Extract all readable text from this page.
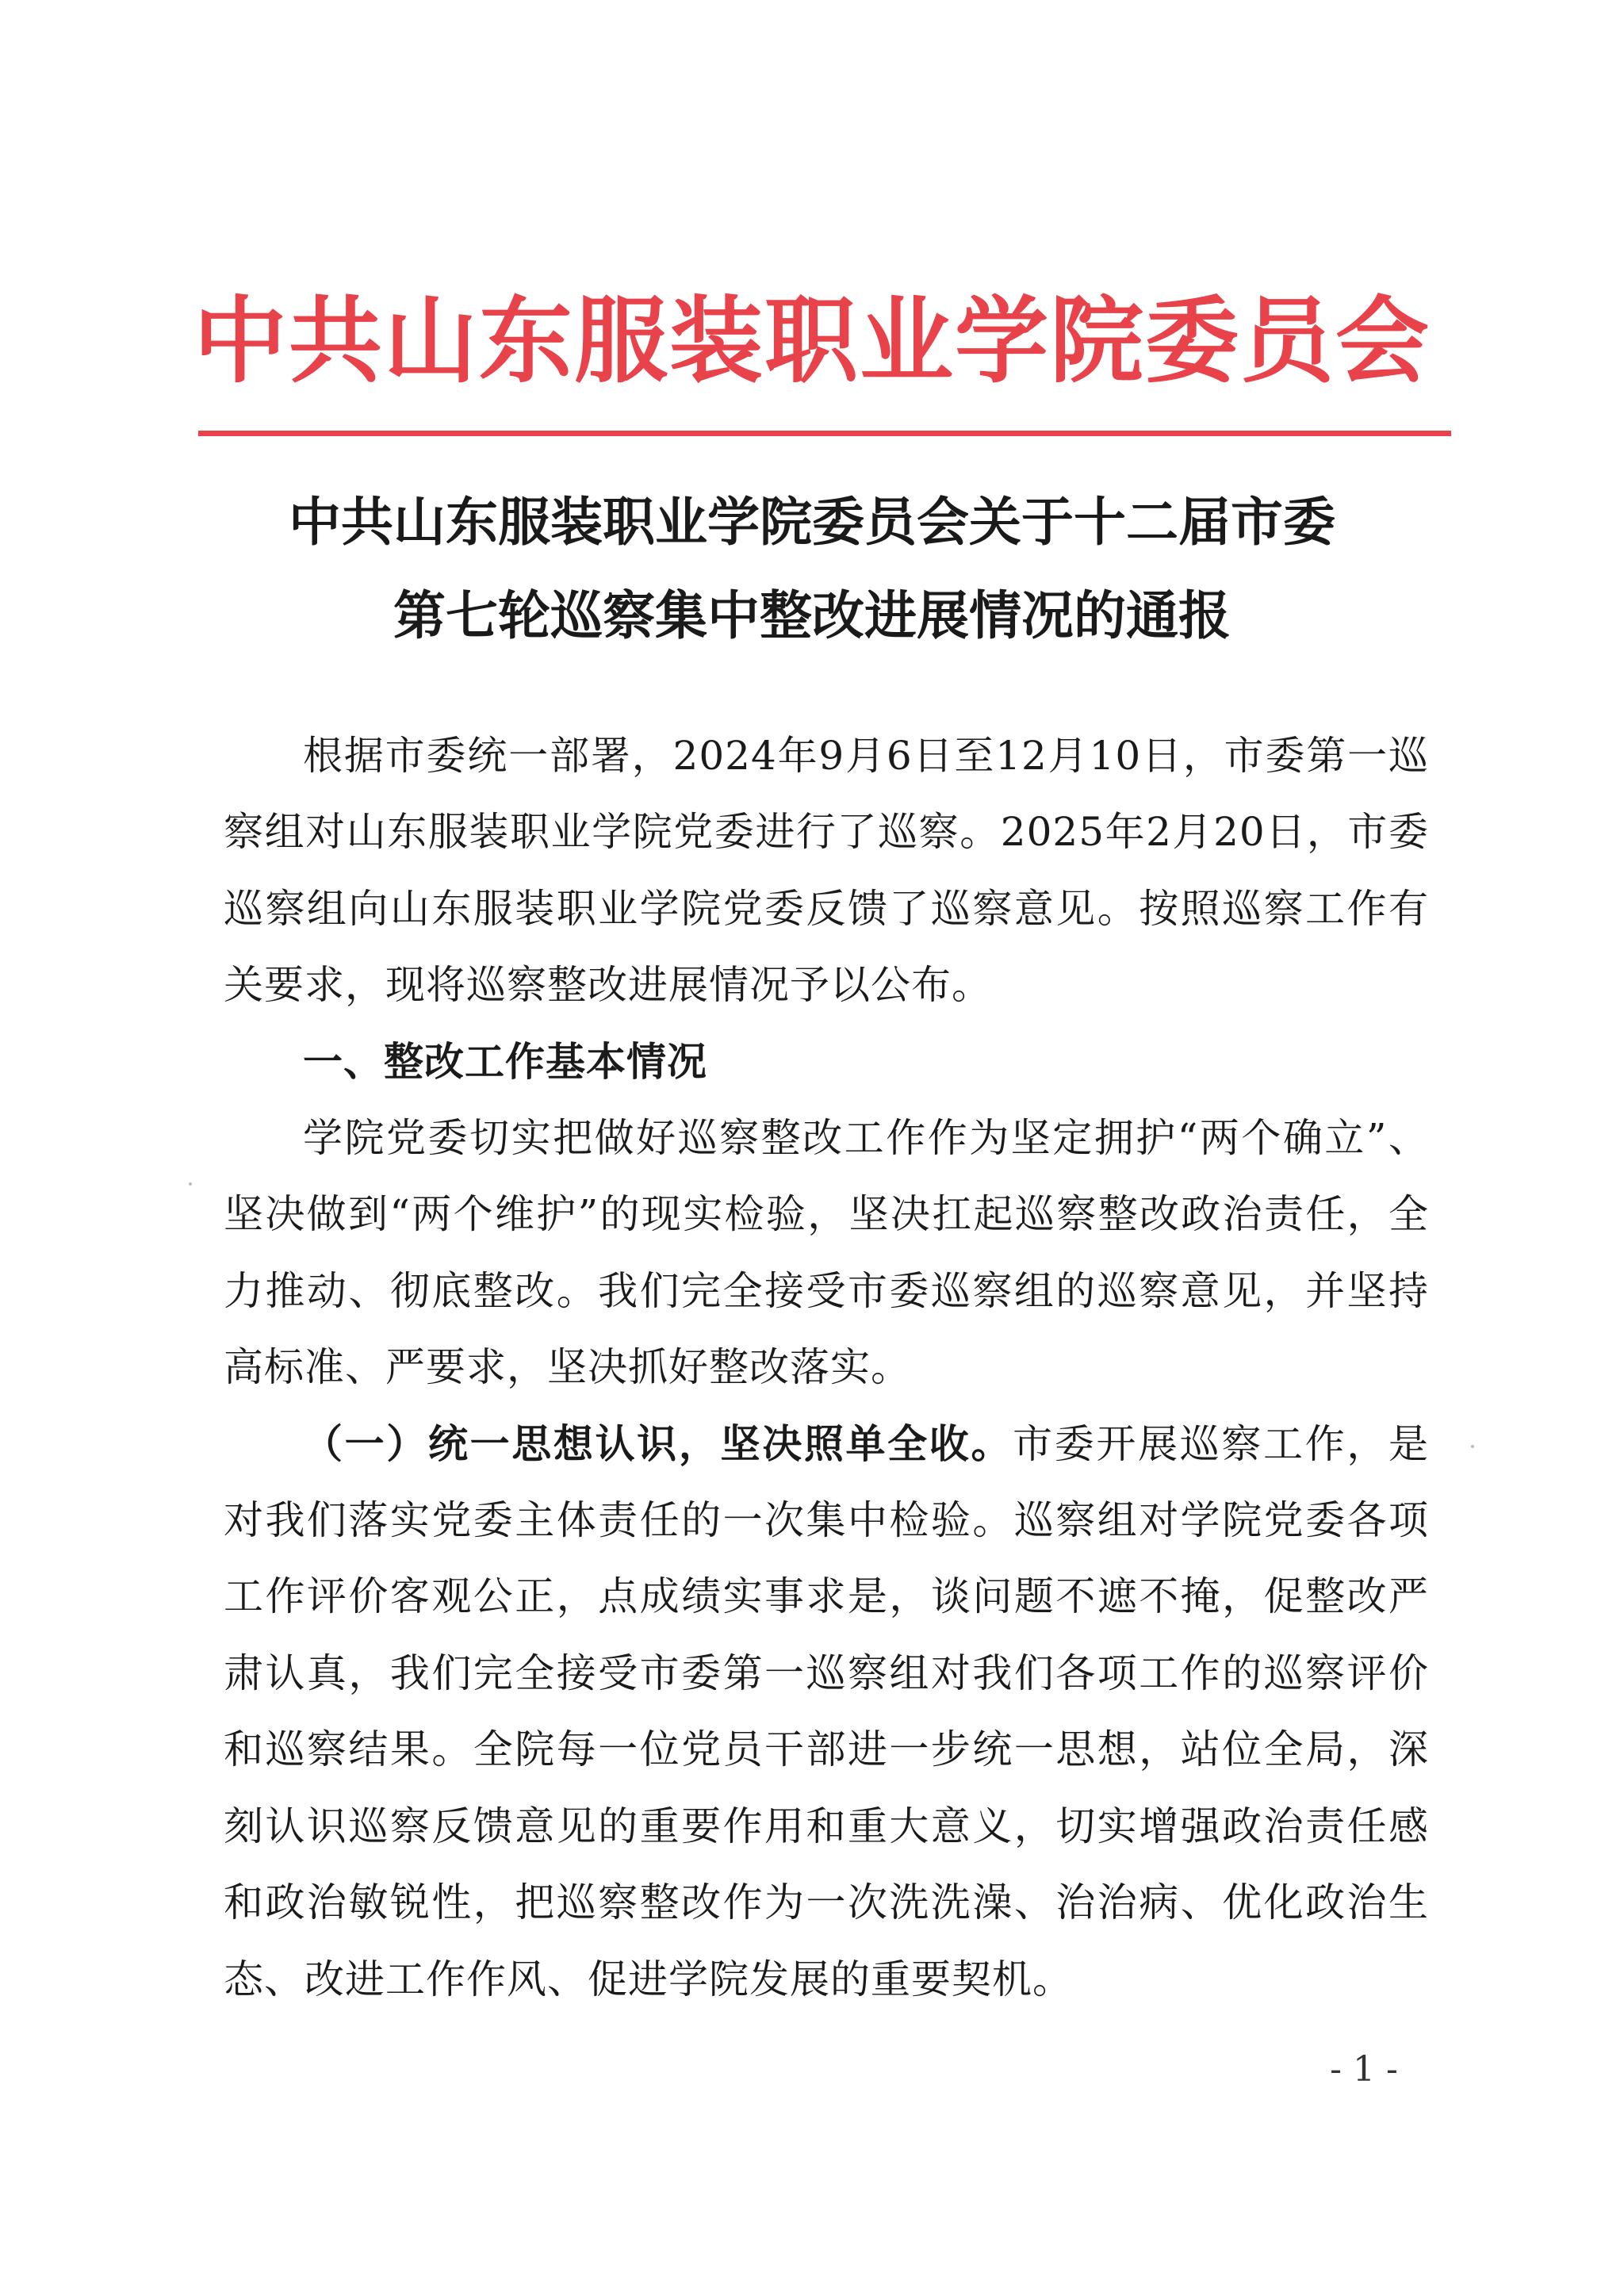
中共山东服装职业学院委员会
中共山东服装职业学院委员会关于十二届市委
第七轮巡察集中整改进展情况的通报

根据市委统一部署，2024年9月6日至12月10日，市委第一巡察组对山东服装职业学院党委进行了巡察。2025年2月20日，市委巡察组向山东服装职业学院党委反馈了巡察意见。按照巡察工作有关要求，现将巡察整改进展情况予以公布。

一、整改工作基本情况

学院党委切实把做好巡察整改工作作为坚定拥护“两个确立”、坚决做到“两个维护”的现实检验，坚决扛起巡察整改政治责任，全力推动、彻底整改。我们完全接受市委巡察组的巡察意见，并坚持高标准、严要求，坚决抓好整改落实。

（一）统一思想认识，坚决照单全收。市委开展巡察工作，是对我们落实党委主体责任的一次集中检验。巡察组对学院党委各项工作评价客观公正，点成绩实事求是，谈问题不遮不掩，促整改严肃认真，我们完全接受市委第一巡察组对我们各项工作的巡察评价和巡察结果。全院每一位党员干部进一步统一思想，站位全局，深刻认识巡察反馈意见的重要作用和重大意义，切实增强政治责任感和政治敏锐性，把巡察整改作为一次洗洗澡、治治病、优化政治生态、改进工作作风、促进学院发展的重要契机。

- 1 -
